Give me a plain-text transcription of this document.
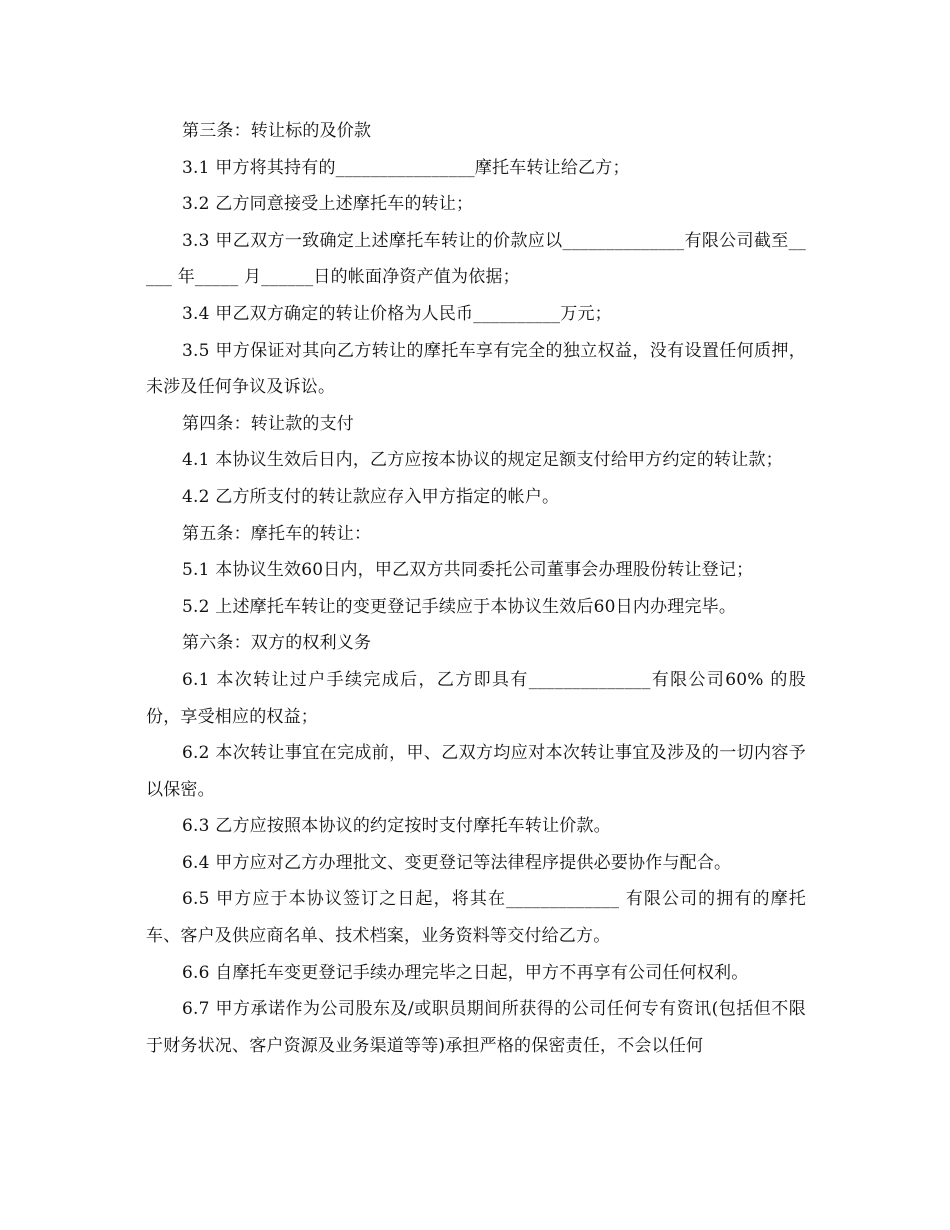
第三条：转让标的及价款

3.1 甲方将其持有的________________摩托车转让给乙方；

3.2 乙方同意接受上述摩托车的转让；

3.3 甲乙双方一致确定上述摩托车转让的价款应以______________有限公司截至_____ 年_____ 月______日的帐面净资产值为依据；

3.4 甲乙双方确定的转让价格为人民币__________万元；

3.5 甲方保证对其向乙方转让的摩托车享有完全的独立权益，没有设置任何质押，未涉及任何争议及诉讼。

第四条：转让款的支付

4.1 本协议生效后日内，乙方应按本协议的规定足额支付给甲方约定的转让款；

4.2 乙方所支付的转让款应存入甲方指定的帐户。

第五条：摩托车的转让：

5.1 本协议生效60日内，甲乙双方共同委托公司董事会办理股份转让登记；

5.2 上述摩托车转让的变更登记手续应于本协议生效后60日内办理完毕。

第六条：双方的权利义务

6.1 本次转让过户手续完成后，乙方即具有______________有限公司60% 的股份，享受相应的权益；

6.2 本次转让事宜在完成前，甲、乙双方均应对本次转让事宜及涉及的一切内容予以保密。

6.3 乙方应按照本协议的约定按时支付摩托车转让价款。

6.4 甲方应对乙方办理批文、变更登记等法律程序提供必要协作与配合。

6.5 甲方应于本协议签订之日起，将其在_____________ 有限公司的拥有的摩托车、客户及供应商名单、技术档案，业务资料等交付给乙方。

6.6 自摩托车变更登记手续办理完毕之日起，甲方不再享有公司任何权利。

6.7 甲方承诺作为公司股东及/或职员期间所获得的公司任何专有资讯(包括但不限于财务状况、客户资源及业务渠道等等)承担严格的保密责任，不会以任何
